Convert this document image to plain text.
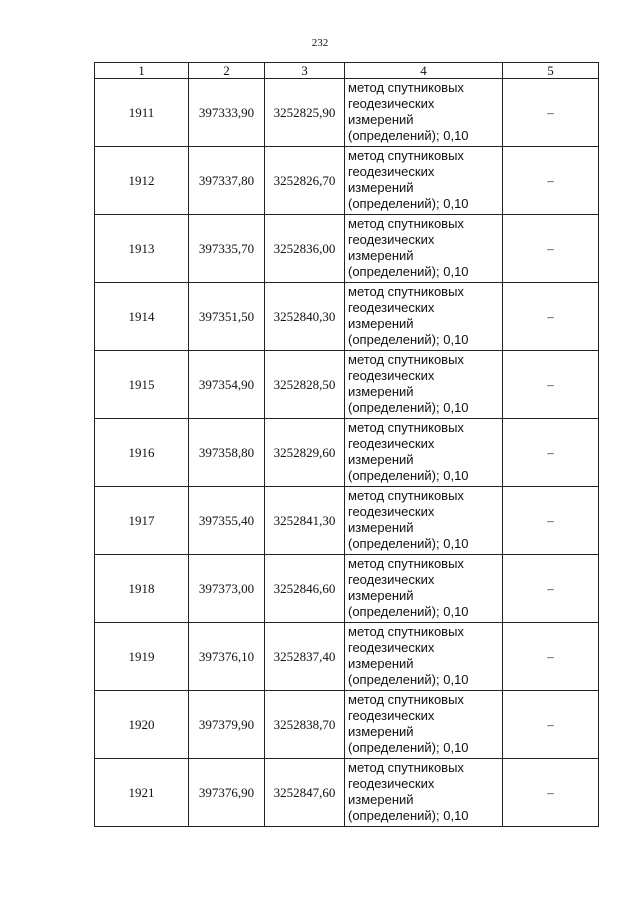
232
1	2	3	4	5
1911	397333,90	3252825,90	метод спутниковых
геодезических
измерений
(определений); 0,10	–
1912	397337,80	3252826,70	метод спутниковых
геодезических
измерений
(определений); 0,10	–
1913	397335,70	3252836,00	метод спутниковых
геодезических
измерений
(определений); 0,10	–
1914	397351,50	3252840,30	метод спутниковых
геодезических
измерений
(определений); 0,10	–
1915	397354,90	3252828,50	метод спутниковых
геодезических
измерений
(определений); 0,10	–
1916	397358,80	3252829,60	метод спутниковых
геодезических
измерений
(определений); 0,10	–
1917	397355,40	3252841,30	метод спутниковых
геодезических
измерений
(определений); 0,10	–
1918	397373,00	3252846,60	метод спутниковых
геодезических
измерений
(определений); 0,10	–
1919	397376,10	3252837,40	метод спутниковых
геодезических
измерений
(определений); 0,10	–
1920	397379,90	3252838,70	метод спутниковых
геодезических
измерений
(определений); 0,10	–
1921	397376,90	3252847,60	метод спутниковых
геодезических
измерений
(определений); 0,10	–
